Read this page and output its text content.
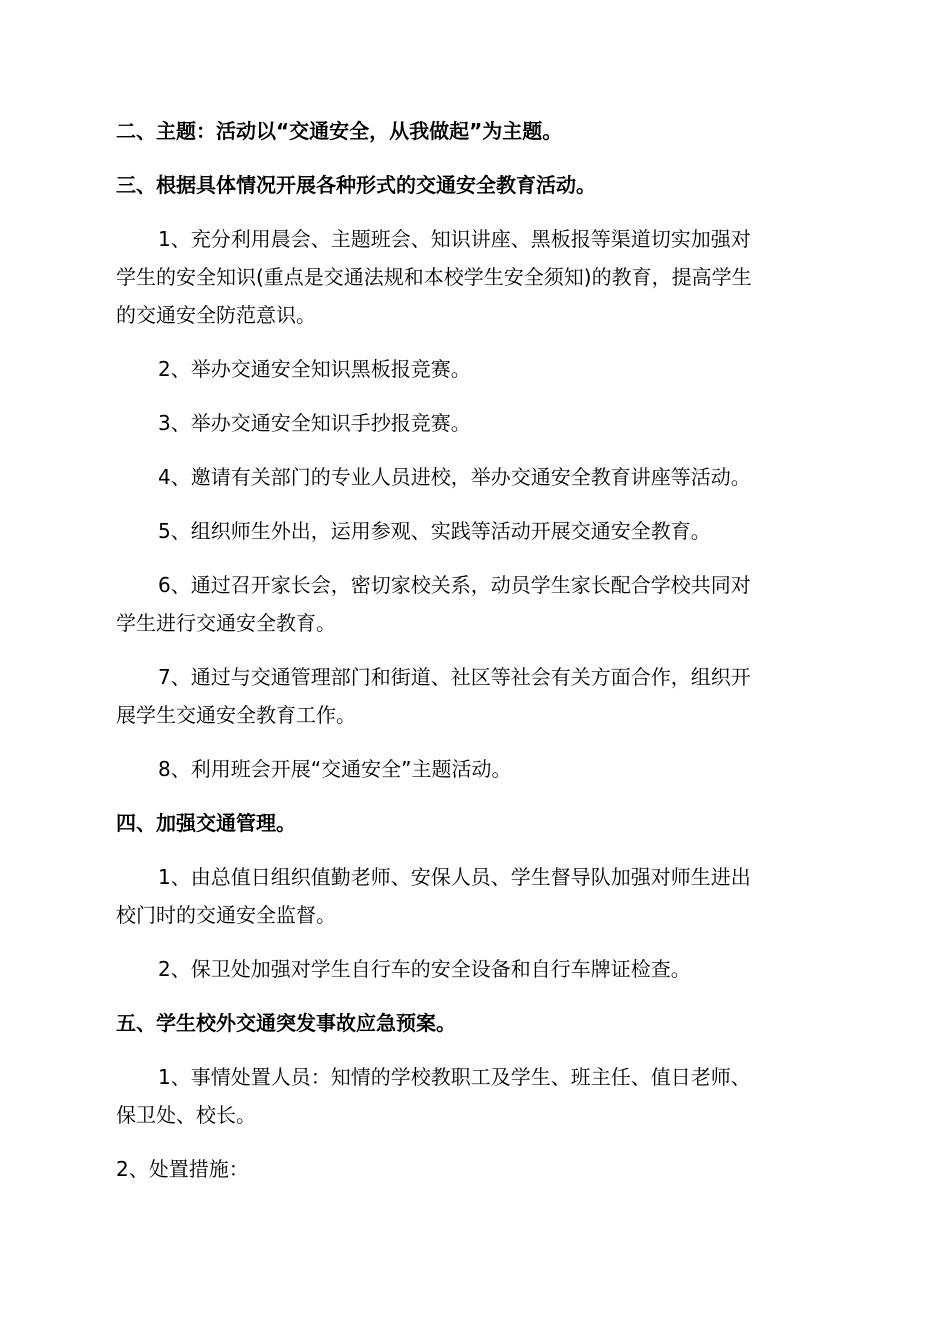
二、主题：活动以“交通安全，从我做起”为主题。
三、根据具体情况开展各种形式的交通安全教育活动。
1、充分利用晨会、主题班会、知识讲座、黑板报等渠道切实加强对
学生的安全知识(重点是交通法规和本校学生安全须知)的教育，提高学生
的交通安全防范意识。
2、举办交通安全知识黑板报竞赛。
3、举办交通安全知识手抄报竞赛。
4、邀请有关部门的专业人员进校，举办交通安全教育讲座等活动。
5、组织师生外出，运用参观、实践等活动开展交通安全教育。
6、通过召开家长会，密切家校关系，动员学生家长配合学校共同对
学生进行交通安全教育。
7、通过与交通管理部门和街道、社区等社会有关方面合作，组织开
展学生交通安全教育工作。
8、利用班会开展“交通安全”主题活动。
四、加强交通管理。
1、由总值日组织值勤老师、安保人员、学生督导队加强对师生进出
校门时的交通安全监督。
2、保卫处加强对学生自行车的安全设备和自行车牌证检查。
五、学生校外交通突发事故应急预案。
1、事情处置人员：知情的学校教职工及学生、班主任、值日老师、
保卫处、校长。
2、处置措施：
